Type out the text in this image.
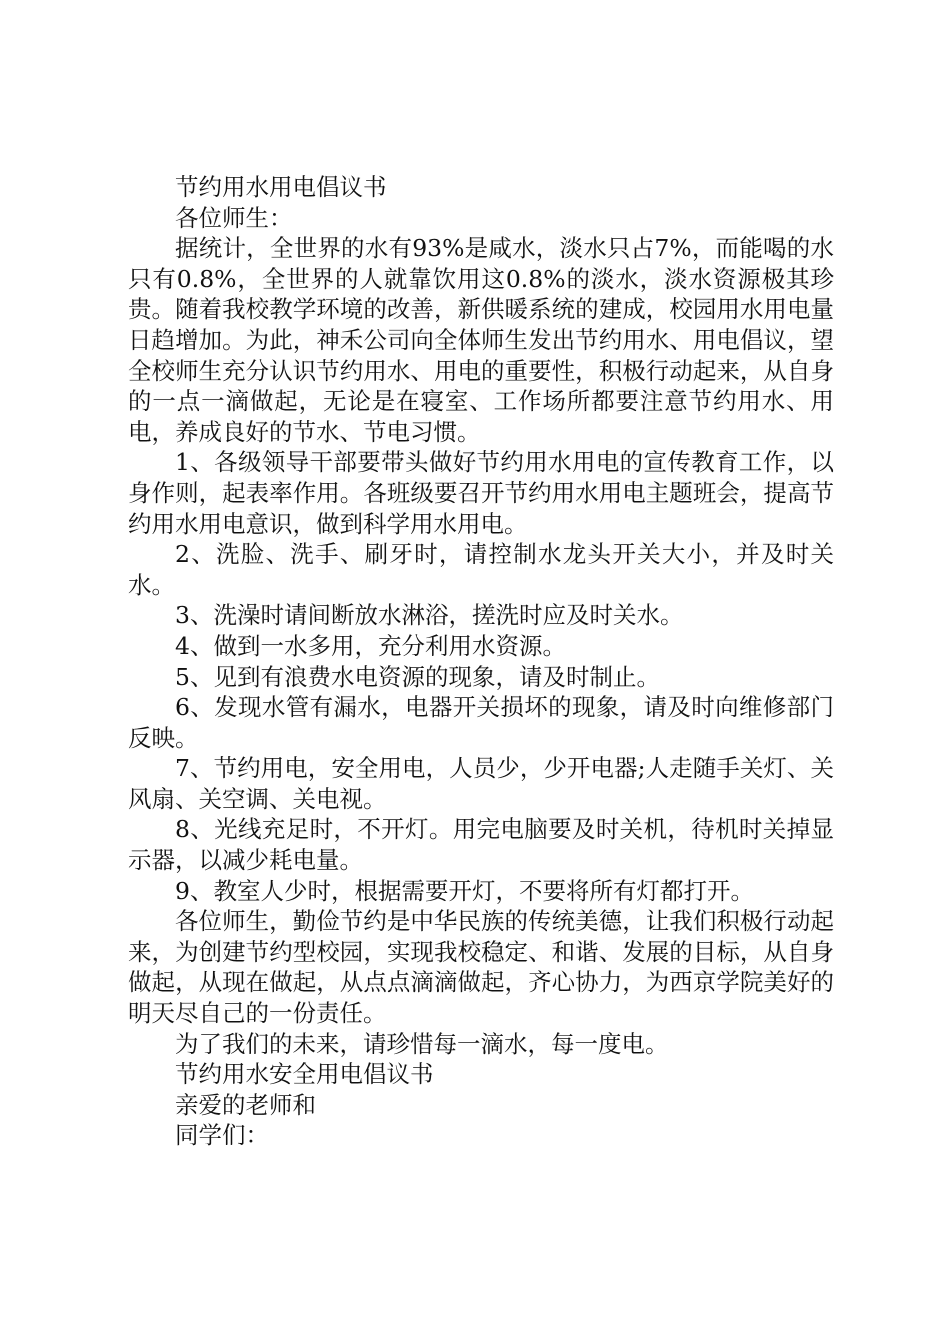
节约用水用电倡议书

各位师生：

据统计，全世界的水有93%是咸水，淡水只占7%，而能喝的水只有0.8%，全世界的人就靠饮用这0.8%的淡水，淡水资源极其珍贵。随着我校教学环境的改善，新供暖系统的建成，校园用水用电量日趋增加。为此，神禾公司向全体师生发出节约用水、用电倡议，望全校师生充分认识节约用水、用电的重要性，积极行动起来，从自身的一点一滴做起，无论是在寝室、工作场所都要注意节约用水、用电，养成良好的节水、节电习惯。

1、各级领导干部要带头做好节约用水用电的宣传教育工作，以身作则，起表率作用。各班级要召开节约用水用电主题班会，提高节约用水用电意识，做到科学用水用电。

2、洗脸、洗手、刷牙时，请控制水龙头开关大小，并及时关水。

3、洗澡时请间断放水淋浴，搓洗时应及时关水。

4、做到一水多用，充分利用水资源。

5、见到有浪费水电资源的现象，请及时制止。

6、发现水管有漏水，电器开关损坏的现象，请及时向维修部门反映。

7、节约用电，安全用电，人员少，少开电器;人走随手关灯、关风扇、关空调、关电视。

8、光线充足时，不开灯。用完电脑要及时关机，待机时关掉显示器，以减少耗电量。

9、教室人少时，根据需要开灯，不要将所有灯都打开。

各位师生，勤俭节约是中华民族的传统美德，让我们积极行动起来，为创建节约型校园，实现我校稳定、和谐、发展的目标，从自身做起，从现在做起，从点点滴滴做起，齐心协力，为西京学院美好的明天尽自己的一份责任。

为了我们的未来，请珍惜每一滴水，每一度电。

节约用水安全用电倡议书

亲爱的老师和

同学们：
